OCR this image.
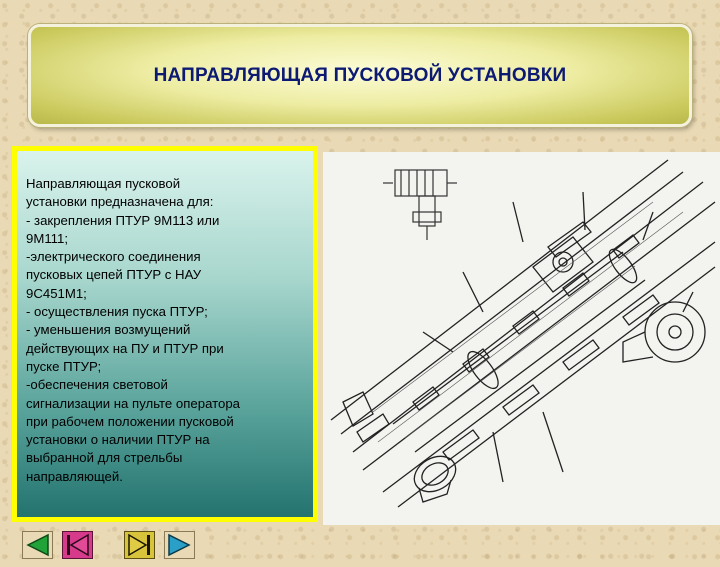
НАПРАВЛЯЮЩАЯ ПУСКОВОЙ УСТАНОВКИ
Направляющая пусковой
установки предназначена для:
- закрепления ПТУР 9М113 или
9М111;
-электрического соединения
пусковых цепей ПТУР с НАУ
9С451М1;
- осуществления пуска ПТУР;
- уменьшения возмущений
действующих на ПУ и ПТУР при
пуске ПТУР;
-обеспечения световой
сигнализации на пульте оператора
при рабочем положении пусковой
установки о наличии ПТУР на
выбранной для стрельбы
направляющей.
